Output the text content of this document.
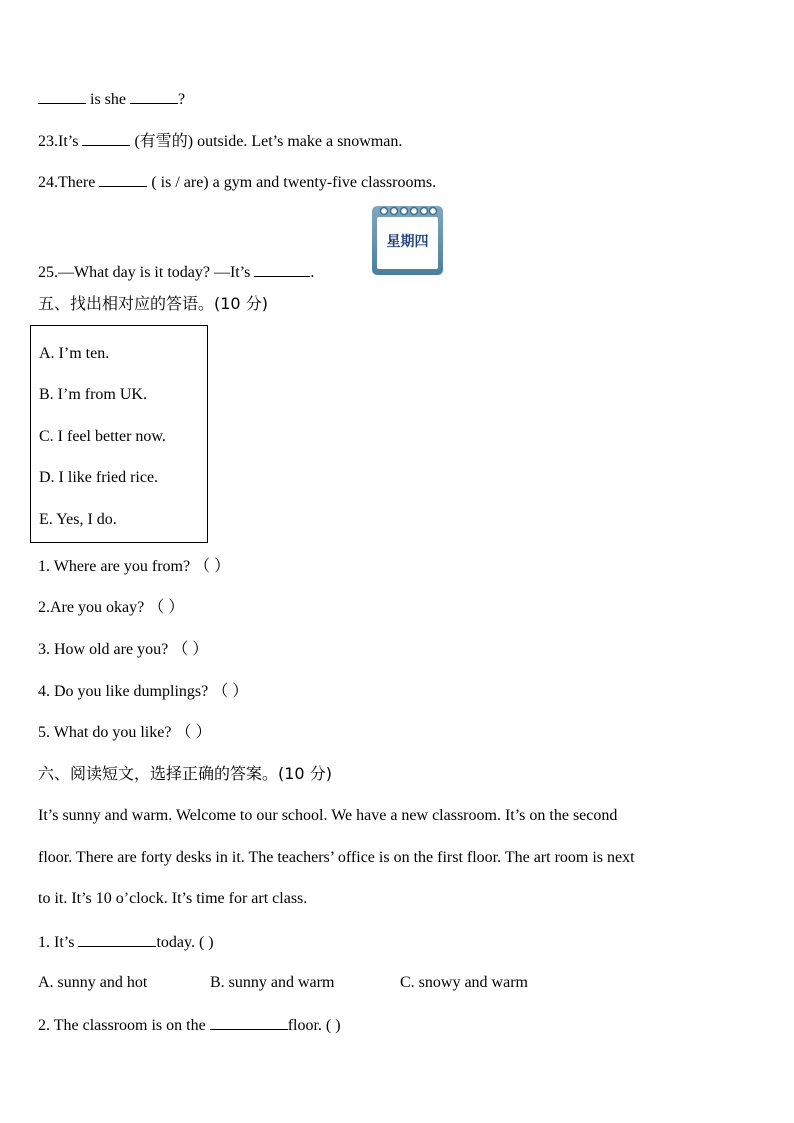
is she	?
23.It’s	(有雪的) outside. Let’s make a snowman.
24.There	( is / are) a gym and twenty-five classrooms.
星期四
25.—What day is it today? —It’s	.
五、找出相对应的答语。(10 分)
A. I’m ten.
B. I’m from UK.
C. I feel better now.
D. I like fried rice.
E. Yes, I do.
1. Where are you from? （ ）
2.Are you okay? （ ）
3. How old are you? （ ）
4. Do you like dumplings? （ ）
5. What do you like? （ ）
六、阅读短文，选择正确的答案。(10 分)
It’s sunny and warm. Welcome to our school. We have a new classroom. It’s on the second
floor. There are forty desks in it. The teachers’ office is on the first floor. The art room is next
to it. It’s 10 o’clock. It’s time for art class.
1. It’s	today. ( )
A. sunny and hot	B. sunny and warm	C. snowy and warm
2. The classroom is on the	floor. ( )
